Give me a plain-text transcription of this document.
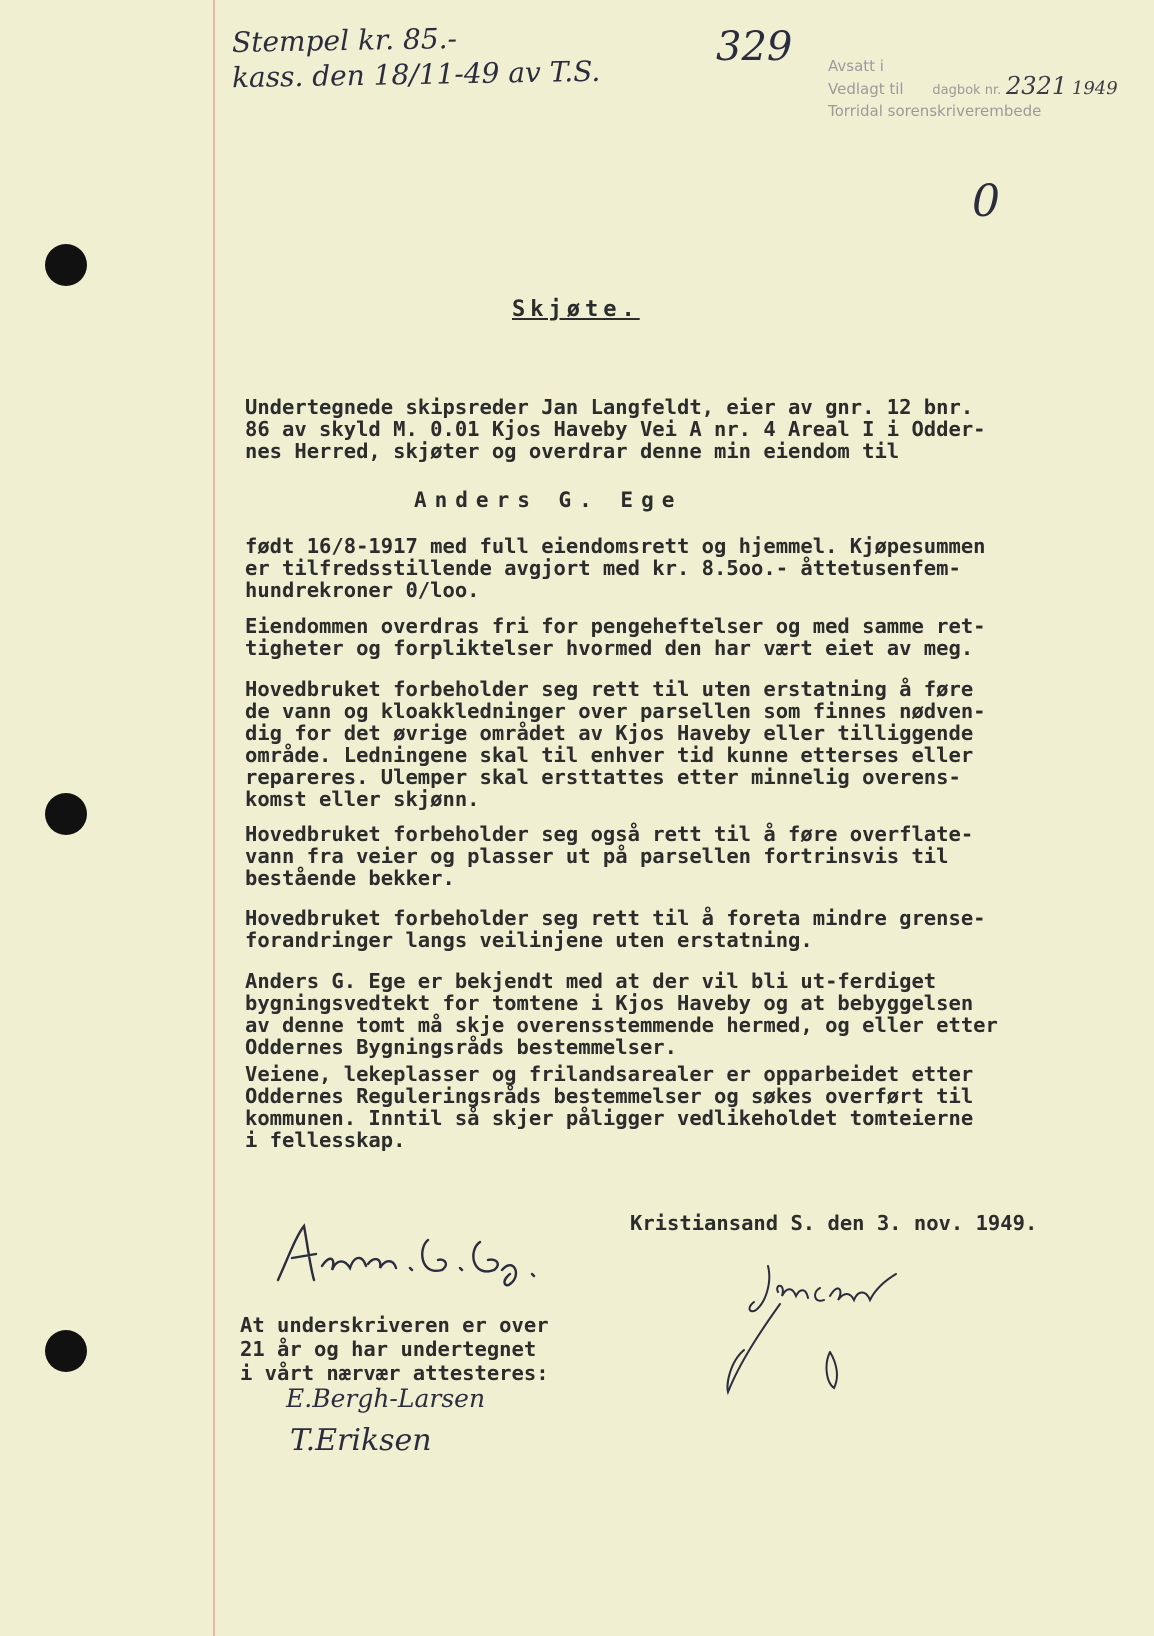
Stempel kr. 85.-
kass. den 18/11-49 av T.S.
329 Avsatt i
Vedlagt til dagbok nr. 2321 1949
Torridal sorenskriverembede
0
Skjøte.
Undertegnede skipsreder Jan Langfeldt, eier av gnr. 12 bnr.
86 av skyld M. 0.01 Kjos Haveby Vei A nr. 4 Areal I i Odder-
nes Herred, skjøter og overdrar denne min eiendom til
Anders G. Ege
født 16/8-1917 med full eiendomsrett og hjemmel. Kjøpesummen
er tilfredsstillende avgjort med kr. 8.5oo.- åttetusenfem-
hundrekroner 0/loo.
Eiendommen overdras fri for pengeheftelser og med samme ret-
tigheter og forpliktelser hvormed den har vært eiet av meg.
Hovedbruket forbeholder seg rett til uten erstatning å føre
de vann og kloakkledninger over parsellen som finnes nødven-
dig for det øvrige området av Kjos Haveby eller tilliggende
område. Ledningene skal til enhver tid kunne etterses eller
repareres. Ulemper skal ersttattes etter minnelig overens-
komst eller skjønn.
Hovedbruket forbeholder seg også rett til å føre overflate-
vann fra veier og plasser ut på parsellen fortrinsvis til
bestående bekker.
Hovedbruket forbeholder seg rett til å foreta mindre grense-
forandringer langs veilinjene uten erstatning.
Anders G. Ege er bekjendt med at der vil bli ut-ferdiget
bygningsvedtekt for tomtene i Kjos Haveby og at bebyggelsen
av denne tomt må skje overensstemmende hermed, og eller etter
Oddernes Bygningsråds bestemmelser.
Veiene, lekeplasser og frilandsarealer er opparbeidet etter
Oddernes Reguleringsråds bestemmelser og søkes overført til
kommunen. Inntil så skjer påligger vedlikeholdet tomteierne
i fellesskap.
Kristiansand S. den 3. nov. 1949.
At underskriveren er over
21 år og har undertegnet
i vårt nærvær attesteres:
E.Bergh-Larsen
T.Eriksen
